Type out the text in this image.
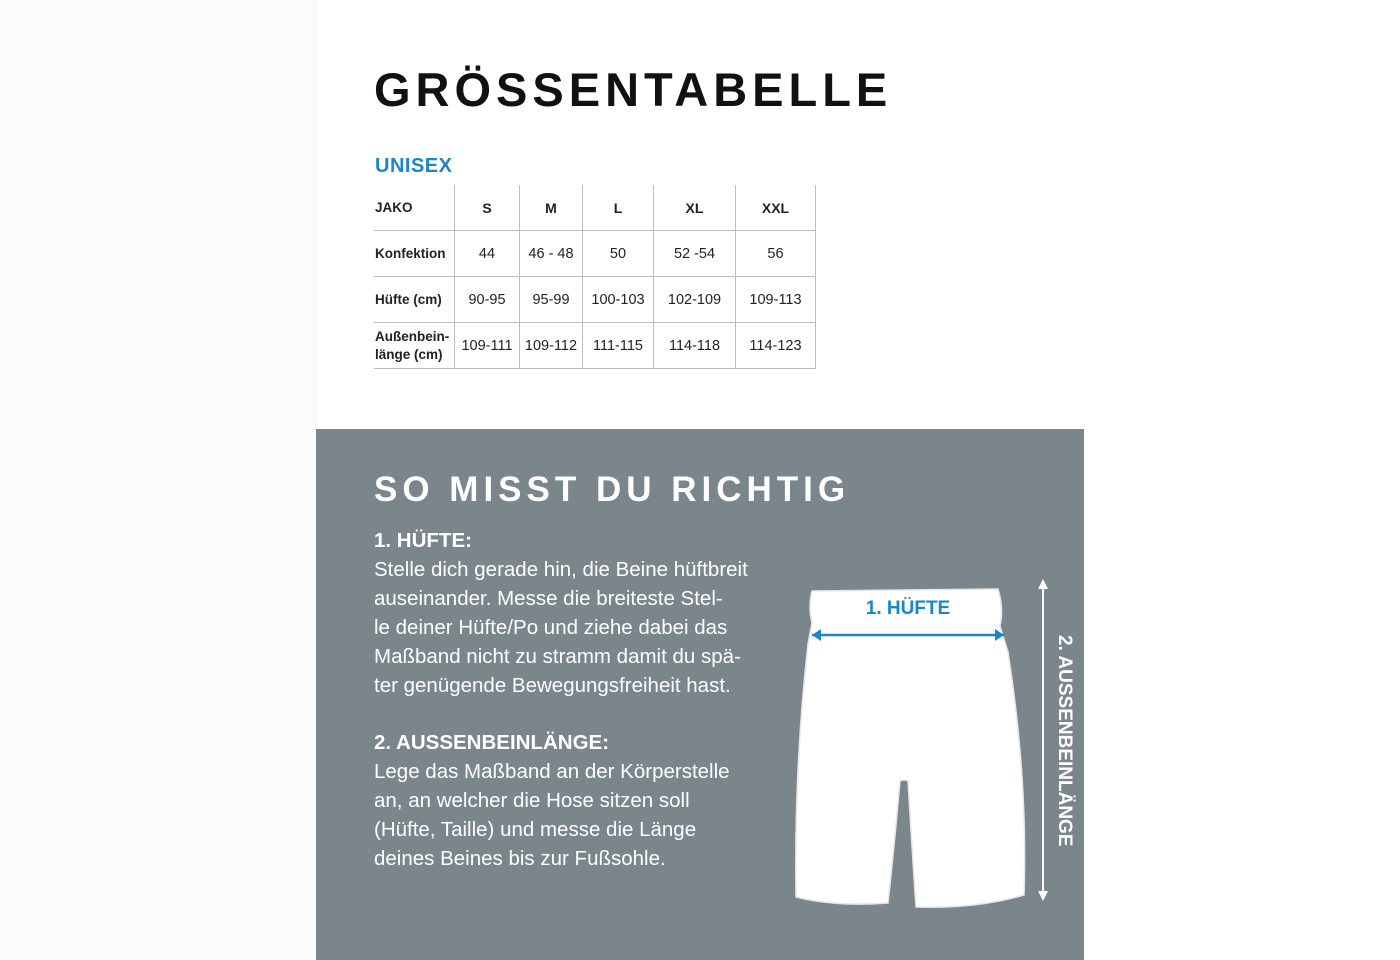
GRÖSSENTABELLE
UNISEX
JAKO	S	M	L	XL	XXL
Konfektion	44	46 - 48	50	52 -54	56
Hüfte (cm)	90-95	95-99	100-103	102-109	109-113

Außenbein-
länge (cm)	109-111	109-112	111-115	114-118	114-123
SO MISST DU RICHTIG
1. HÜFTE:
Stelle dich gerade hin, die Beine hüftbreit
auseinander. Messe die breiteste Stel-
le deiner Hüfte/Po und ziehe dabei das
Maßband nicht zu stramm damit du spä-
ter genügende Bewegungsfreiheit hast.
2. AUSSENBEINLÄNGE:
Lege das Maßband an der Körperstelle
an, an welcher die Hose sitzen soll
(Hüfte, Taille) und messe die Länge
deines Beines bis zur Fußsohle.
1. HÜFTE
2. AUSSENBEINLÄNGE
